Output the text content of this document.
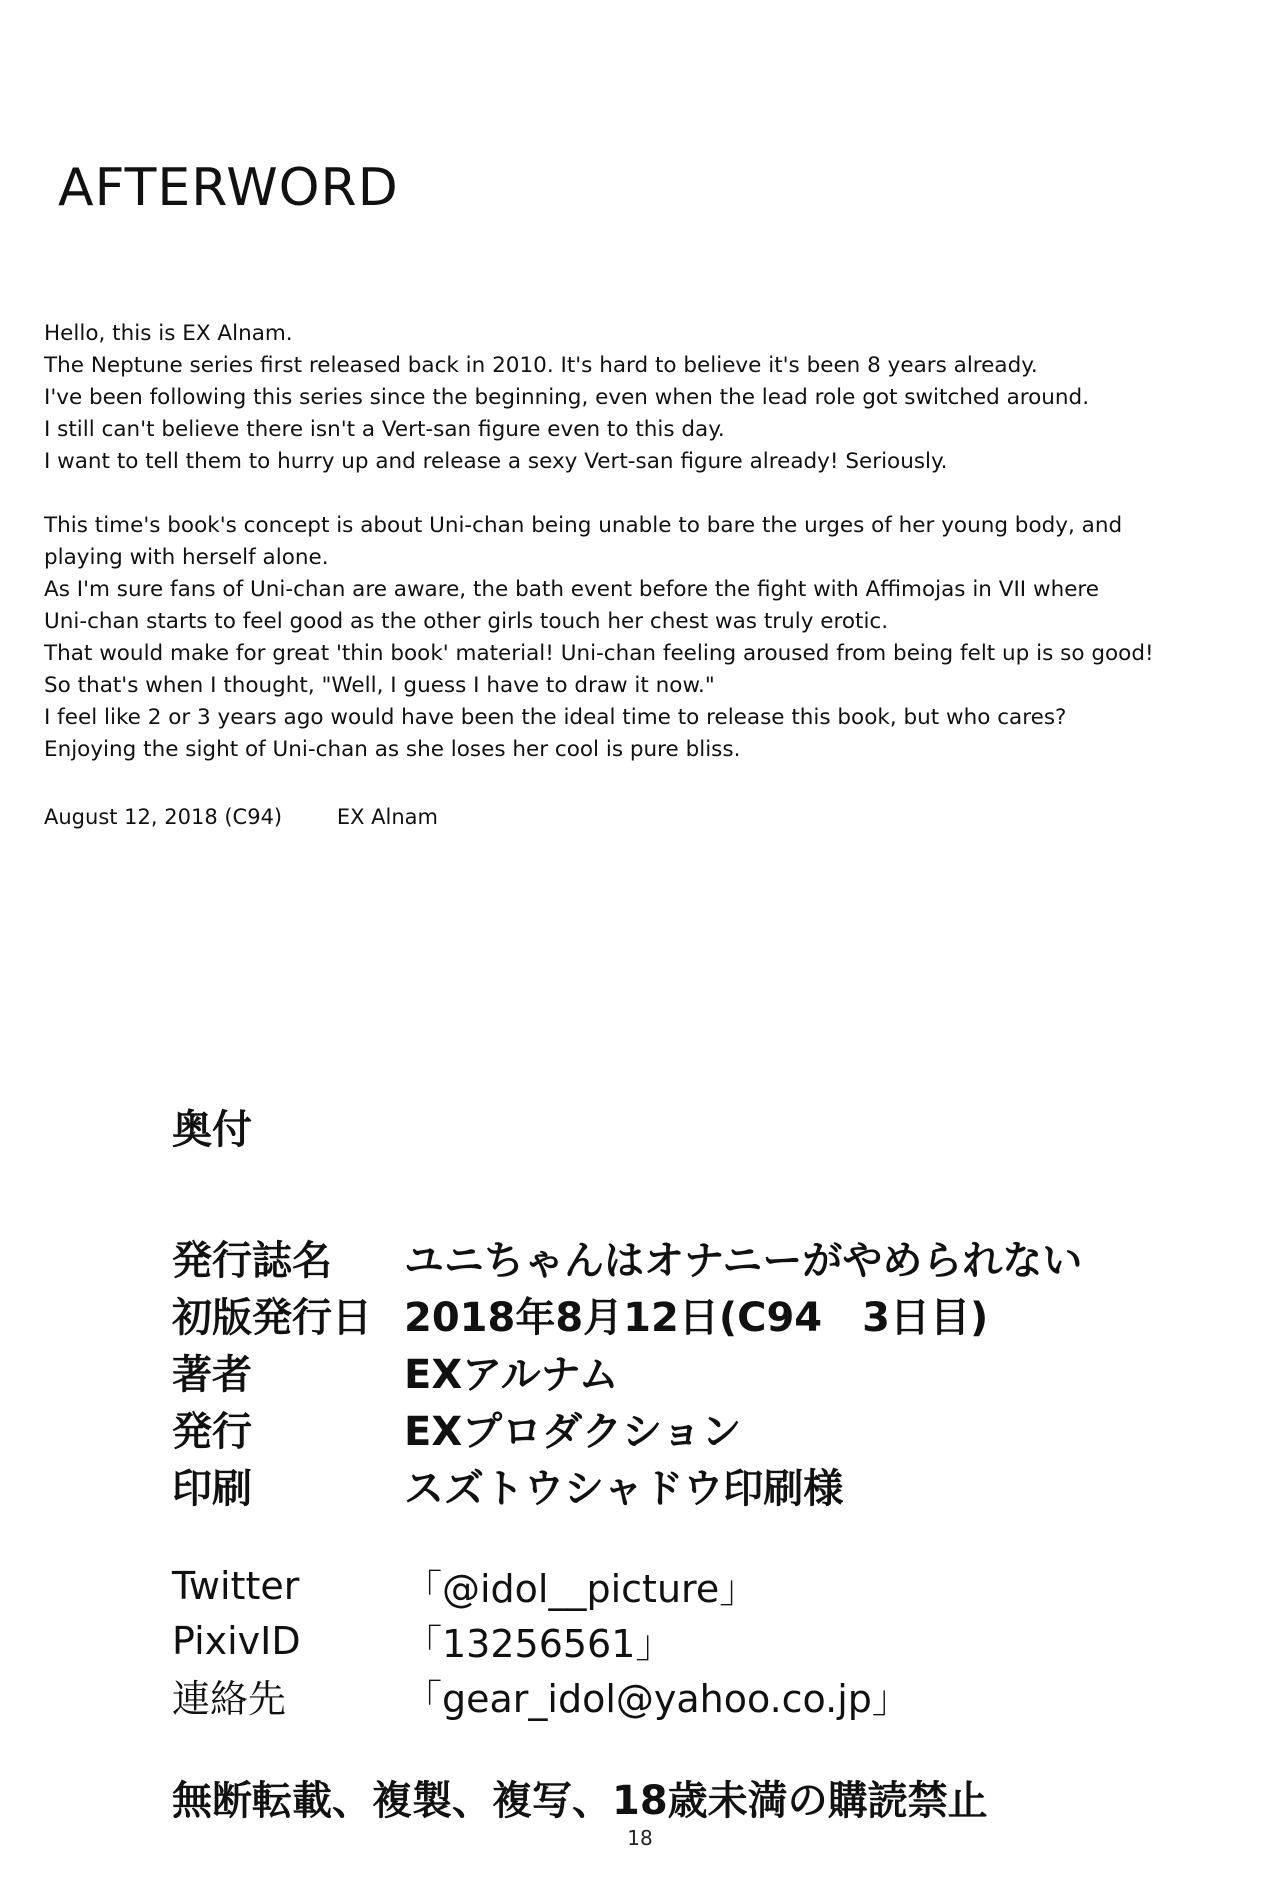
AFTERWORD

Hello, this is EX Alnam.

The Neptune series first released back in 2010. It's hard to believe it's been 8 years already.

I've been following this series since the beginning, even when the lead role got switched around.

I still can't believe there isn't a Vert-san figure even to this day.

I want to tell them to hurry up and release a sexy Vert-san figure already! Seriously.

This time's book's concept is about Uni-chan being unable to bare the urges of her young body, and

playing with herself alone.

As I'm sure fans of Uni-chan are aware, the bath event before the fight with Affimojas in VII where

Uni-chan starts to feel good as the other girls touch her chest was truly erotic.

That would make for great 'thin book' material! Uni-chan feeling aroused from being felt up is so good!

So that's when I thought, "Well, I guess I have to draw it now."

I feel like 2 or 3 years ago would have been the ideal time to release this book, but who cares?

Enjoying the sight of Uni-chan as she loses her cool is pure bliss.

August 12, 2018 (C94)	EX Alnam
奥付
発行誌名	ユニちゃんはオナニーがやめられない
初版発行日	2018年8月12日(C94　3日目)
著者	EXアルナム
発行	EXプロダクション
印刷	スズトウシャドウ印刷様
Twitter	「@idol__picture」
PixivID	「13256561」
連絡先	「gear_idol@yahoo.co.jp」
無断転載、複製、複写、18歳未満の購読禁止
18
